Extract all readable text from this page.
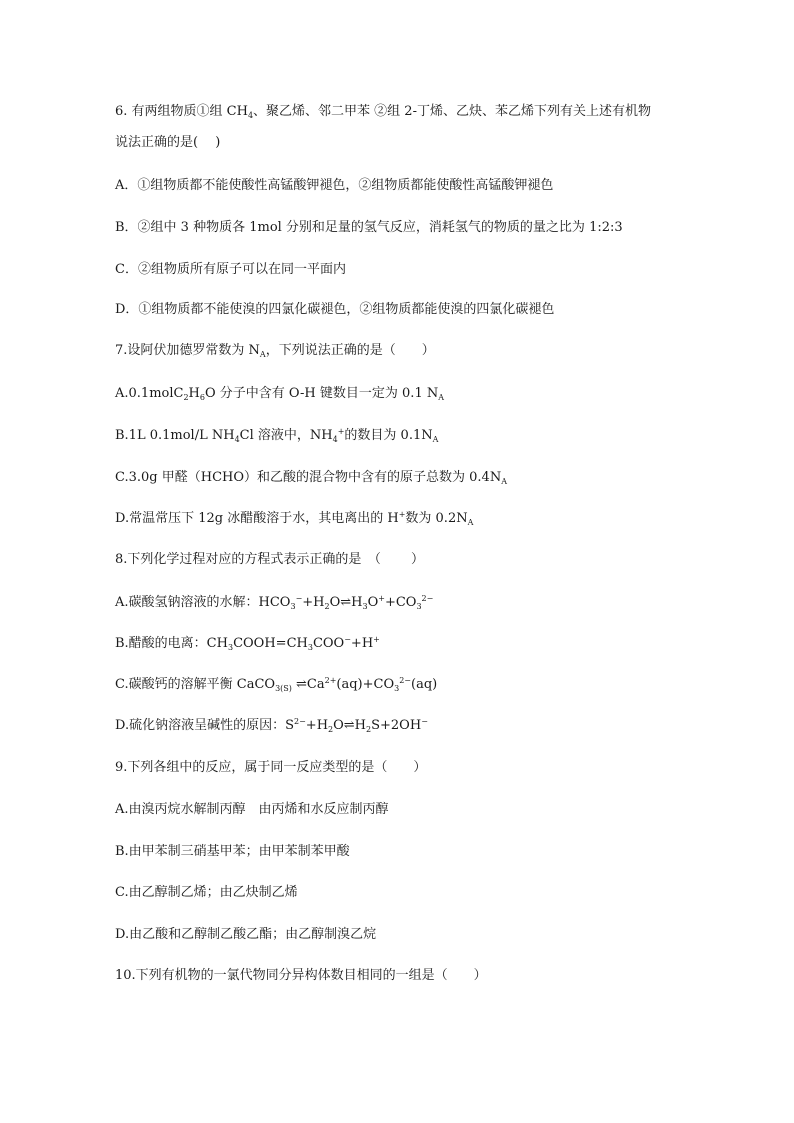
6. 有两组物质①组 $CH_4$、聚乙烯、邻二甲苯 ②组 2-丁烯、乙炔、苯乙烯下列有关上述有机物
说法正确的是(　 )
A．①组物质都不能使酸性高锰酸钾褪色，②组物质都能使酸性高锰酸钾褪色
B．②组中 3 种物质各 1mol 分别和足量的氢气反应，消耗氢气的物质的量之比为 1:2:3
C．②组物质所有原子可以在同一平面内
D．①组物质都不能使溴的四氯化碳褪色，②组物质都能使溴的四氯化碳褪色
7.设阿伏加德罗常数为 $N_A$，下列说法正确的是（　　）
$A.0.1molC_2H_6O$ 分子中含有 O-H 键数目一定为 0.1 $N_A$
B.1L 0.1mol/L $NH_4Cl$ 溶液中，$NH_4^+$的数目为 $0.1N_A$
C.3.0g 甲醛（HCHO）和乙酸的混合物中含有的原子总数为 $0.4N_A$
D.常温常压下 12g 冰醋酸溶于水，其电离出的 H+数为 $0.2N_A$
8.下列化学过程对应的方程式表示正确的是　（　　 ）
A.碳酸氢钠溶液的水解：$HCO_3^-+H_2O\rightleftharpoons H_3O^++CO_3^{2-}$
B.醋酸的电离：$CH_3COOH=CH_3COO^-+H^+$
C.碳酸钙的溶解平衡 CaCO$_{3(S)}$ $\rightleftharpoons Ca^{2+}(aq)+CO_3^{2-}(aq)$
D.硫化钠溶液呈碱性的原因：$S^{2-}+H_2O\rightleftharpoons H_2S+2OH^-$
9.下列各组中的反应，属于同一反应类型的是（　　）
A.由溴丙烷水解制丙醇　由丙烯和水反应制丙醇
B.由甲苯制三硝基甲苯；由甲苯制苯甲酸
C.由乙醇制乙烯；由乙炔制乙烯
D.由乙酸和乙醇制乙酸乙酯；由乙醇制溴乙烷
10.下列有机物的一氯代物同分异构体数目相同的一组是（　　）
